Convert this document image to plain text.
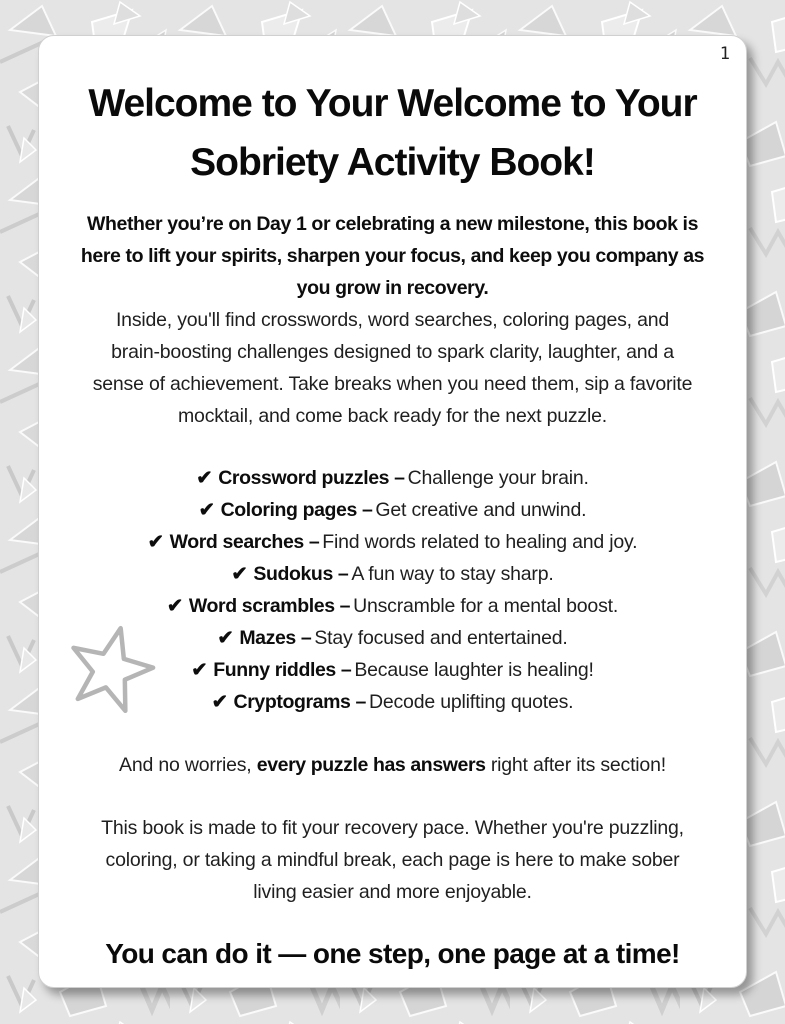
1
Welcome to Your Welcome to Your
Sobriety Activity Book!
Whether you’re on Day 1 or celebrating a new milestone, this book is
here to lift your spirits, sharpen your focus, and keep you company as
you grow in recovery.
Inside, you'll find crosswords, word searches, coloring pages, and
brain-boosting challenges designed to spark clarity, laughter, and a
sense of achievement. Take breaks when you need them, sip a favorite
mocktail, and come back ready for the next puzzle.
✔ Crossword puzzles – Challenge your brain.
✔ Coloring pages – Get creative and unwind.
✔ Word searches – Find words related to healing and joy.
✔ Sudokus – A fun way to stay sharp.
✔ Word scrambles – Unscramble for a mental boost.
✔ Mazes – Stay focused and entertained.
✔ Funny riddles – Because laughter is healing!
✔ Cryptograms – Decode uplifting quotes.
And no worries, every puzzle has answers right after its section!
This book is made to fit your recovery pace. Whether you're puzzling,
coloring, or taking a mindful break, each page is here to make sober
living easier and more enjoyable.
You can do it — one step, one page at a time!
